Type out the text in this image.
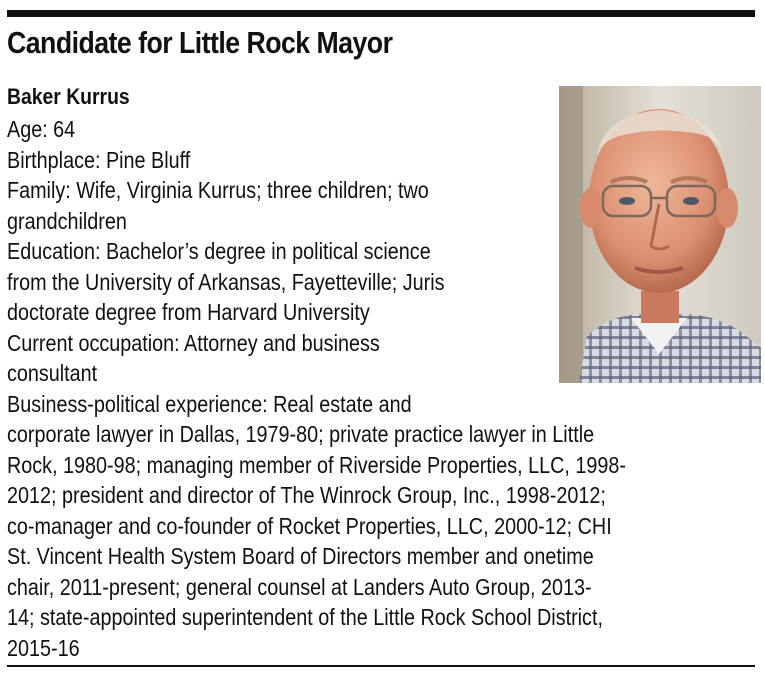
Candidate for Little Rock Mayor
Baker Kurrus
Age: 64
Birthplace: Pine Bluff
Family: Wife, Virginia Kurrus; three children; two
grandchildren
Education: Bachelor’s degree in political science
from the University of Arkansas, Fayetteville; Juris
doctorate degree from Harvard University
Current occupation: Attorney and business
consultant
Business-political experience: Real estate and
corporate lawyer in Dallas, 1979-80; private practice lawyer in Little
Rock, 1980-98; managing member of Riverside Properties, LLC, 1998-
2012; president and director of The Winrock Group, Inc., 1998-2012;
co-manager and co-founder of Rocket Properties, LLC, 2000-12; CHI
St. Vincent Health System Board of Directors member and onetime
chair, 2011-present; general counsel at Landers Auto Group, 2013-
14; state-appointed superintendent of the Little Rock School District,
2015-16
